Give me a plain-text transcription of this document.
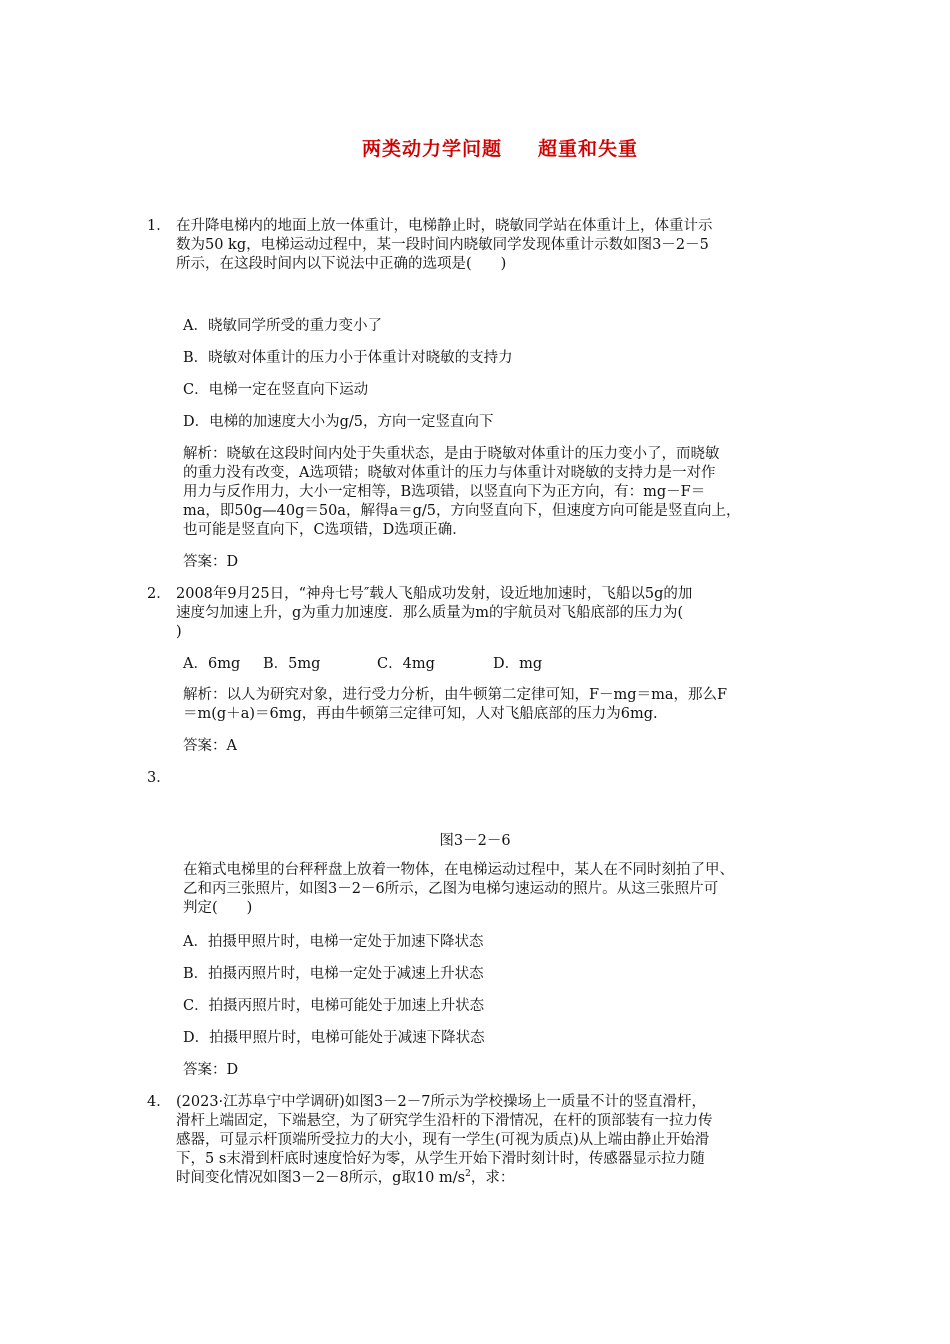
两类动力学问题 超重和失重
1． 在升降电梯内的地面上放一体重计，电梯静止时，晓敏同学站在体重计上，体重计示
数为50 kg，电梯运动过程中，某一段时间内晓敏同学发现体重计示数如图3－2－5
所示，在这段时间内以下说法中正确的选项是(　　)
A．晓敏同学所受的重力变小了
B．晓敏对体重计的压力小于体重计对晓敏的支持力
C．电梯一定在竖直向下运动
D．电梯的加速度大小为g/5，方向一定竖直向下
解析：晓敏在这段时间内处于失重状态，是由于晓敏对体重计的压力变小了，而晓敏
的重力没有改变，A选项错；晓敏对体重计的压力与体重计对晓敏的支持力是一对作
用力与反作用力，大小一定相等，B选项错，以竖直向下为正方向，有：mg－F＝
ma，即50g—40g＝50a，解得a＝g/5，方向竖直向下，但速度方向可能是竖直向上，
也可能是竖直向下，C选项错，D选项正确．
答案：D
2． 2008年9月25日，“神舟七号″载人飞船成功发射，设近地加速时，飞船以5g的加
速度匀加速上升，g为重力加速度．那么质量为m的宇航员对飞船底部的压力为(
)
A．6mg B．5mg	C．4mg	D．mg
解析：以人为研究对象，进行受力分析，由牛顿第二定律可知，F－mg＝ma，那么F
＝m(g＋a)＝6mg，再由牛顿第三定律可知，人对飞船底部的压力为6mg.
答案：A
3．
图3－2－6
在箱式电梯里的台秤秤盘上放着一物体，在电梯运动过程中，某人在不同时刻拍了甲、
乙和丙三张照片，如图3－2－6所示，乙图为电梯匀速运动的照片。从这三张照片可
判定(　　)
A．拍摄甲照片时，电梯一定处于加速下降状态
B．拍摄丙照片时，电梯一定处于减速上升状态
C．拍摄丙照片时，电梯可能处于加速上升状态
D．拍摄甲照片时，电梯可能处于减速下降状态
答案：D
4． (2023·江苏阜宁中学调研)如图3－2－7所示为学校操场上一质量不计的竖直滑杆，
滑杆上端固定，下端悬空，为了研究学生沿杆的下滑情况，在杆的顶部装有一拉力传
感器，可显示杆顶端所受拉力的大小，现有一学生(可视为质点)从上端由静止开始滑
下，5 s末滑到杆底时速度恰好为零，从学生开始下滑时刻计时，传感器显示拉力随
时间变化情况如图3－2－8所示，g取10 $m/s^2$，求：
